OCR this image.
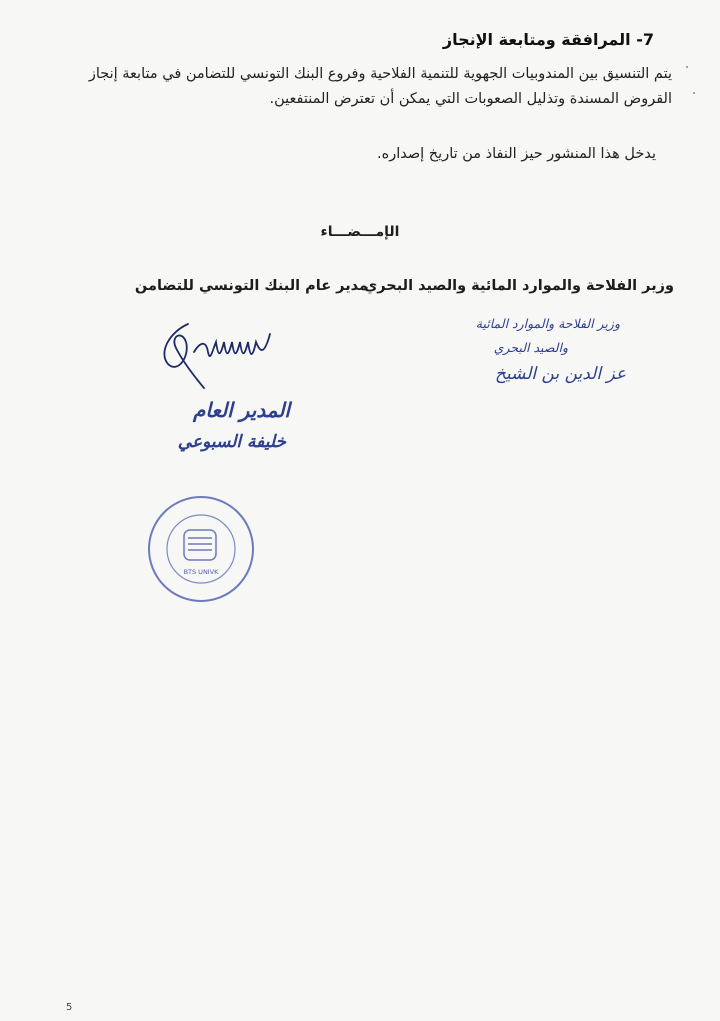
7- المرافقة ومتابعة الإنجاز
يتم التنسيق بين المندوبيات الجهوية للتنمية الفلاحية وفروع البنك التونسي للتضامن في متابعة إنجاز
القروض المسندة وتذليل الصعوبات التي يمكن أن تعترض المنتفعين.
يدخل هذا المنشور حيز النفاذ من تاريخ إصداره.
الإمـــضـــاء
وزير الفلاحة والموارد المائية والصيد البحري
مدير عام البنك التونسي للتضامن
وزير الفلاحة والموارد المائية
والصيد البحري
عز الدين بن الشيخ
المدير العام
خليفة السبوعي
BTS UNIVK
5
